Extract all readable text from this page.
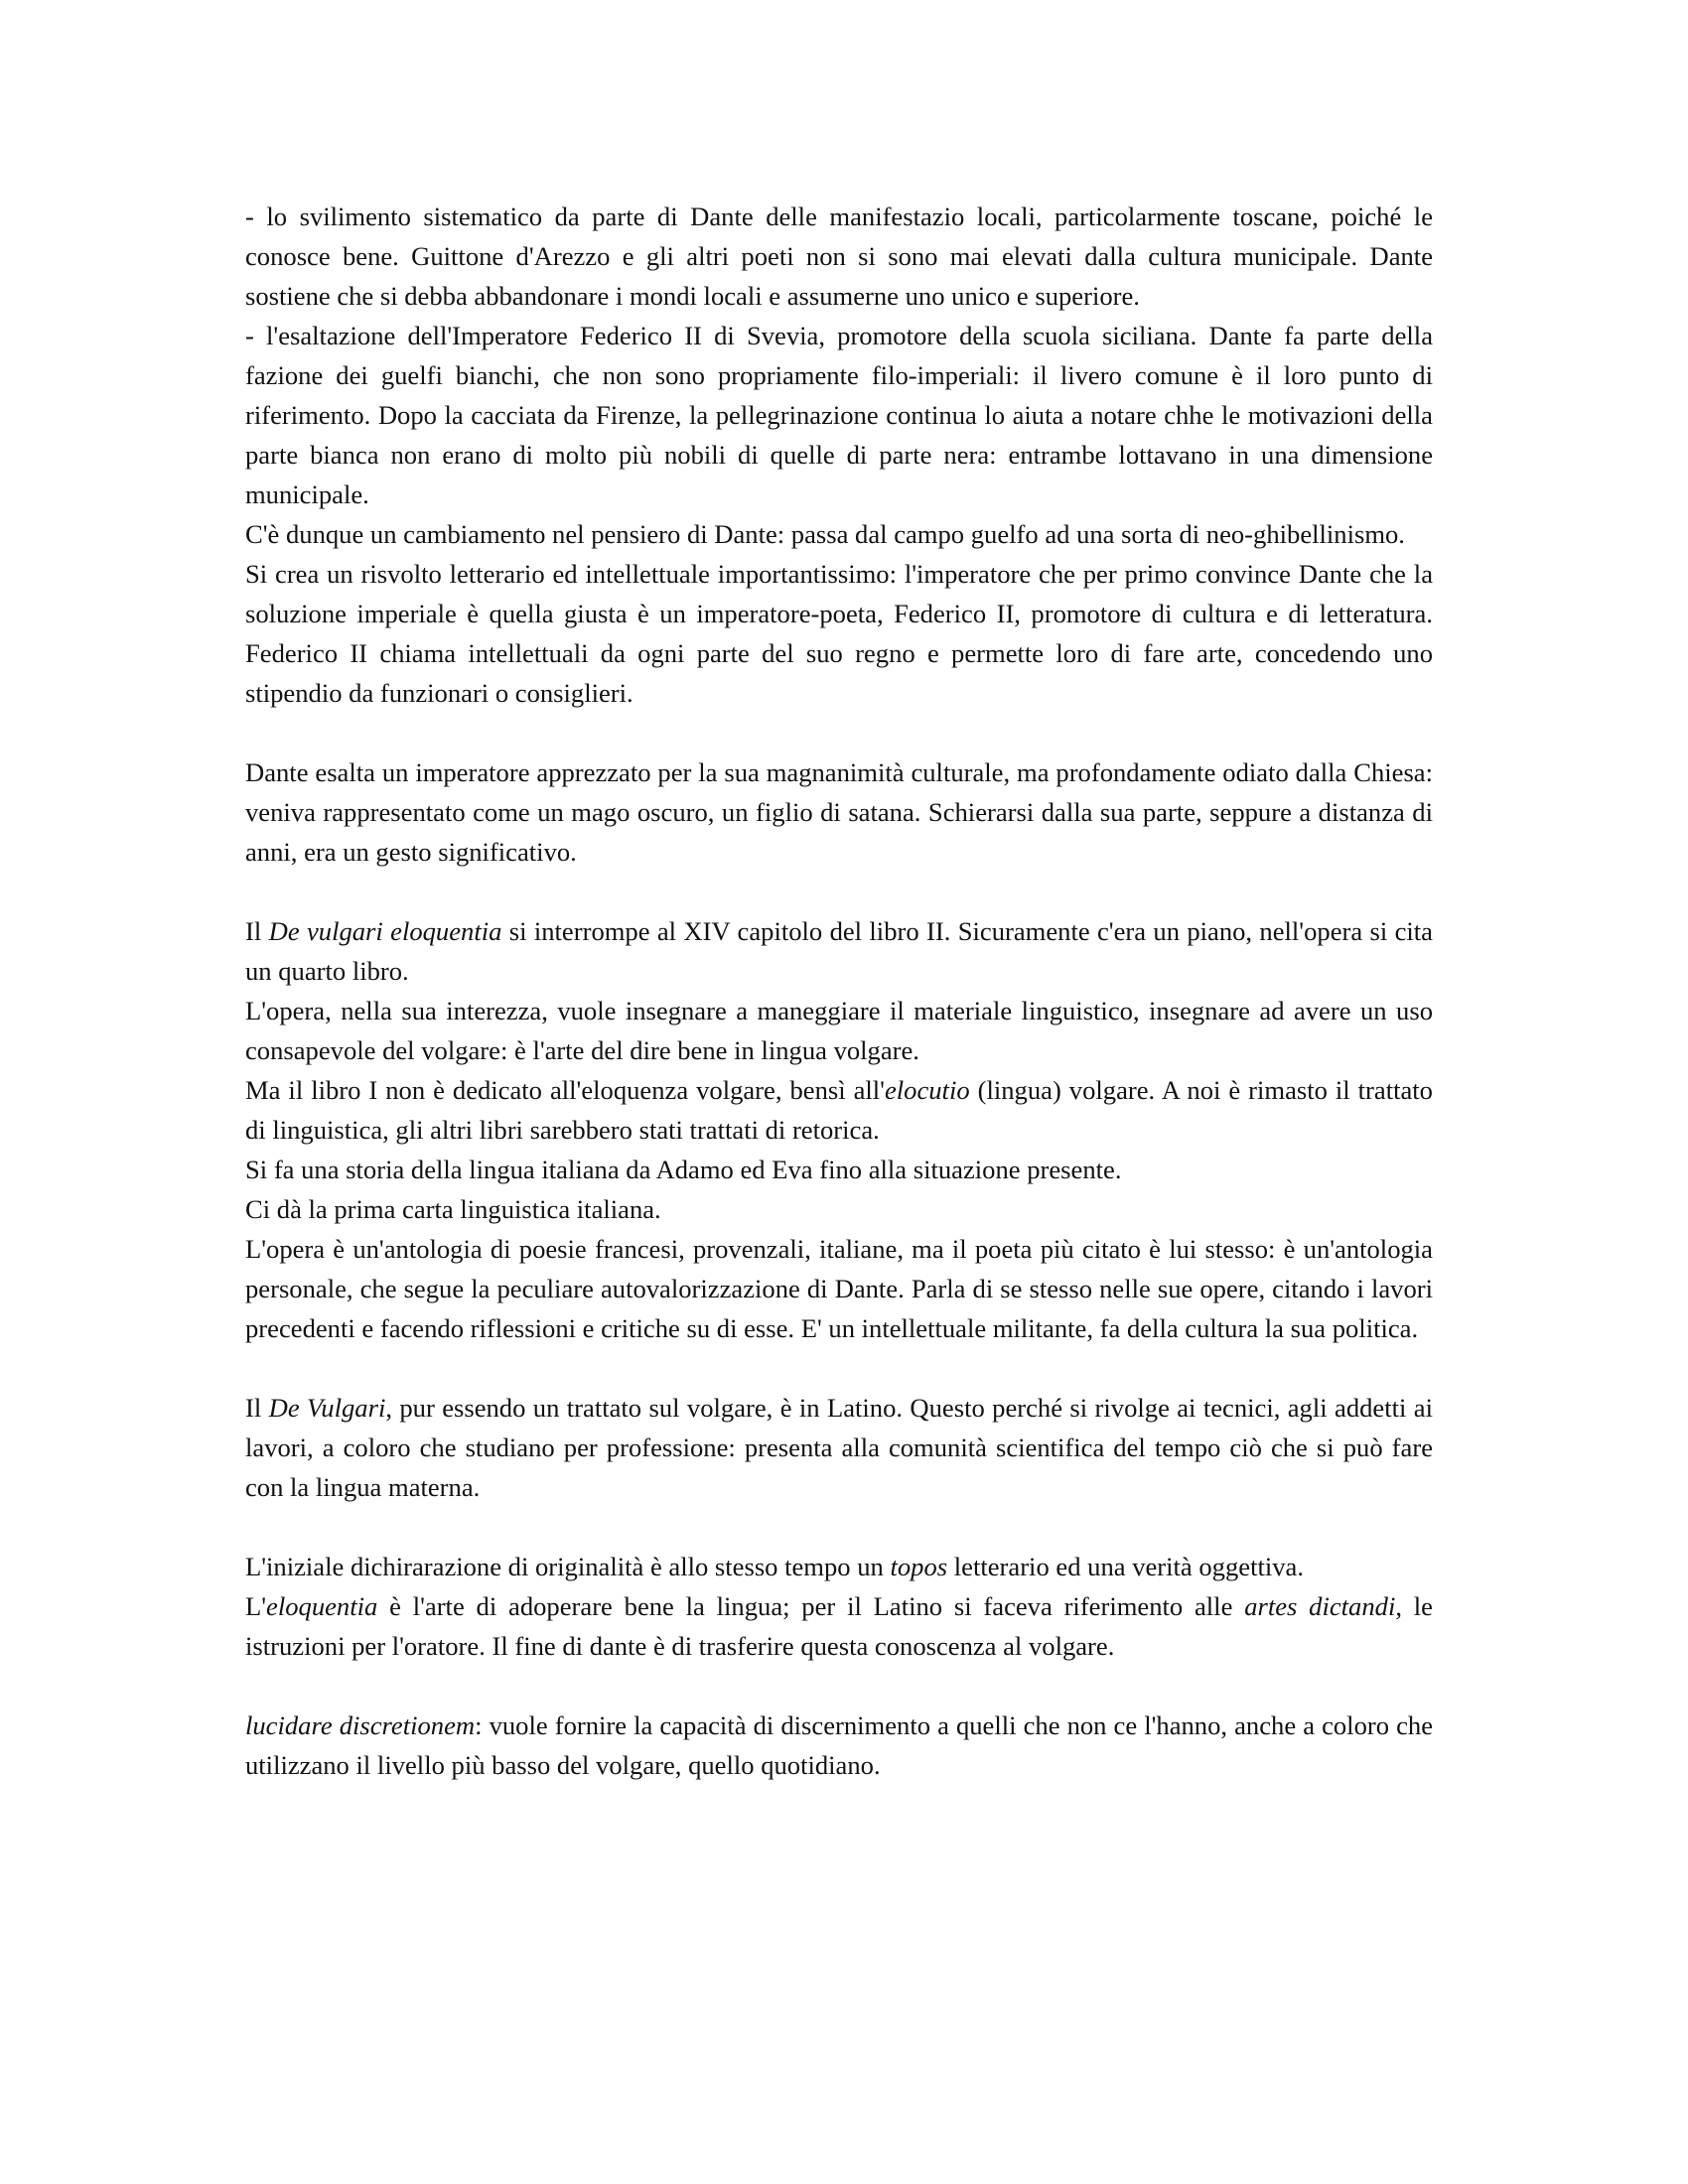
- lo svilimento sistematico da parte di Dante delle manifestazio locali, particolarmente toscane, poiché le conosce bene. Guittone d'Arezzo e gli altri poeti non si sono mai elevati dalla cultura municipale. Dante sostiene che si debba abbandonare i mondi locali e assumerne uno unico e superiore.

- l'esaltazione dell'Imperatore Federico II di Svevia, promotore della scuola siciliana. Dante fa parte della fazione dei guelfi bianchi, che non sono propriamente filo-imperiali: il livero comune è il loro punto di riferimento. Dopo la cacciata da Firenze, la pellegrinazione continua lo aiuta a notare chhe le motivazioni della parte bianca non erano di molto più nobili di quelle di parte nera: entrambe lottavano in una dimensione municipale.

C'è dunque un cambiamento nel pensiero di Dante: passa dal campo guelfo ad una sorta di neo-ghibellinismo.

Si crea un risvolto letterario ed intellettuale importantissimo: l'imperatore che per primo convince Dante che la soluzione imperiale è quella giusta è un imperatore-poeta, Federico II, promotore di cultura e di letteratura. Federico II chiama intellettuali da ogni parte del suo regno e permette loro di fare arte, concedendo uno stipendio da funzionari o consiglieri.

Dante esalta un imperatore apprezzato per la sua magnanimità culturale, ma profondamente odiato dalla Chiesa: veniva rappresentato come un mago oscuro, un figlio di satana. Schierarsi dalla sua parte, seppure a distanza di anni, era un gesto significativo.

Il De vulgari eloquentia si interrompe al XIV capitolo del libro II. Sicuramente c'era un piano, nell'opera si cita un quarto libro.

L'opera, nella sua interezza, vuole insegnare a maneggiare il materiale linguistico, insegnare ad avere un uso consapevole del volgare: è l'arte del dire bene in lingua volgare.

Ma il libro I non è dedicato all'eloquenza volgare, bensì all'elocutio (lingua) volgare. A noi è rimasto il trattato di linguistica, gli altri libri sarebbero stati trattati di retorica.

Si fa una storia della lingua italiana da Adamo ed Eva fino alla situazione presente.

Ci dà la prima carta linguistica italiana.

L'opera è un'antologia di poesie francesi, provenzali, italiane, ma il poeta più citato è lui stesso: è un'antologia personale, che segue la peculiare autovalorizzazione di Dante. Parla di se stesso nelle sue opere, citando i lavori precedenti e facendo riflessioni e critiche su di esse. E' un intellettuale militante, fa della cultura la sua politica.

Il De Vulgari, pur essendo un trattato sul volgare, è in Latino. Questo perché si rivolge ai tecnici, agli addetti ai lavori, a coloro che studiano per professione: presenta alla comunità scientifica del tempo ciò che si può fare con la lingua materna.

L'iniziale dichirarazione di originalità è allo stesso tempo un topos letterario ed una verità oggettiva.

L'eloquentia è l'arte di adoperare bene la lingua; per il Latino si faceva riferimento alle artes dictandi, le istruzioni per l'oratore. Il fine di dante è di trasferire questa conoscenza al volgare.

lucidare discretionem: vuole fornire la capacità di discernimento a quelli che non ce l'hanno, anche a coloro che utilizzano il livello più basso del volgare, quello quotidiano.
